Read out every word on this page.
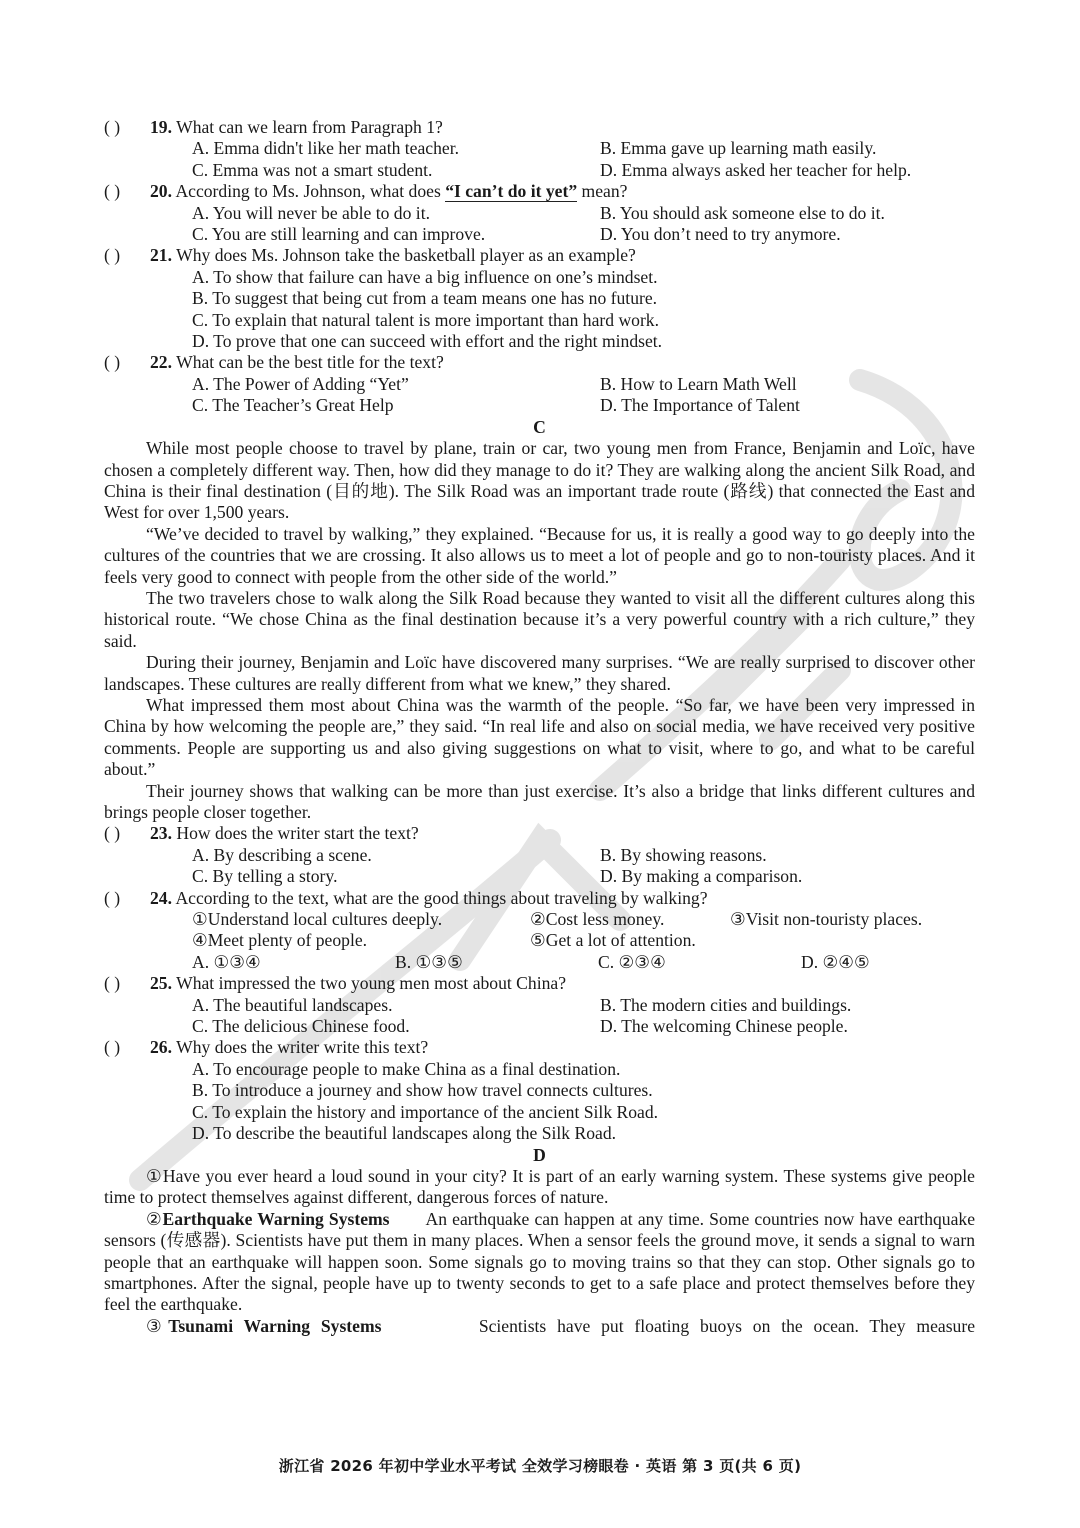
( )	19. What can we learn from Paragraph 1?
A. Emma didn't like her math teacher.	B. Emma gave up learning math easily.
C. Emma was not a smart student.	D. Emma always asked her teacher for help.
( )	20. According to Ms. Johnson, what does “I can’t do it yet” mean?
A. You will never be able to do it.	B. You should ask someone else to do it.
C. You are still learning and can improve.	D. You don’t need to try anymore.
( )	21. Why does Ms. Johnson take the basketball player as an example?
A. To show that failure can have a big influence on one’s mindset.
B. To suggest that being cut from a team means one has no future.
C. To explain that natural talent is more important than hard work.
D. To prove that one can succeed with effort and the right mindset.
( )	22. What can be the best title for the text?
A. The Power of Adding “Yet”	B. How to Learn Math Well
C. The Teacher’s Great Help	D. The Importance of Talent
C
While most people choose to travel by plane, train or car, two young men from France, Benjamin and Loïc, have chosen a completely different way. Then, how did they manage to do it? They are walking along the ancient Silk Road, and China is their final destination (目的地). The Silk Road was an important trade route (路线) that connected the East and West for over 1,500 years.
“We’ve decided to travel by walking,” they explained. “Because for us, it is really a good way to go deeply into the cultures of the countries that we are crossing. It also allows us to meet a lot of people and go to non-touristy places. And it feels very good to connect with people from the other side of the world.”
The two travelers chose to walk along the Silk Road because they wanted to visit all the different cultures along this historical route. “We chose China as the final destination because it’s a very powerful country with a rich culture,” they said.
During their journey, Benjamin and Loïc have discovered many surprises. “We are really surprised to discover other landscapes. These cultures are really different from what we knew,” they shared.
What impressed them most about China was the warmth of the people. “So far, we have been very impressed in China by how welcoming the people are,” they said. “In real life and also on social media, we have received very positive comments. People are supporting us and also giving suggestions on what to visit, where to go, and what to be careful about.”
Their journey shows that walking can be more than just exercise. It’s also a bridge that links different cultures and brings people closer together.
( )	23. How does the writer start the text?
A. By describing a scene.	B. By showing reasons.
C. By telling a story.	D. By making a comparison.
( )	24. According to the text, what are the good things about traveling by walking?
①Understand local cultures deeply.	②Cost less money.	③Visit non-touristy places.
④Meet plenty of people.	⑤Get a lot of attention.
A. ①③④	B. ①③⑤	C. ②③④	D. ②④⑤
( )	25. What impressed the two young men most about China?
A. The beautiful landscapes.	B. The modern cities and buildings.
C. The delicious Chinese food.	D. The welcoming Chinese people.
( )	26. Why does the writer write this text?
A. To encourage people to make China as a final destination.
B. To introduce a journey and show how travel connects cultures.
C. To explain the history and importance of the ancient Silk Road.
D. To describe the beautiful landscapes along the Silk Road.
D
①Have you ever heard a loud sound in your city? It is part of an early warning system. These systems give people time to protect themselves against different, dangerous forces of nature.
②Earthquake Warning Systems An earthquake can happen at any time. Some countries now have earthquake sensors (传感器). Scientists have put them in many places. When a sensor feels the ground move, it sends a signal to warn people that an earthquake will happen soon. Some signals go to moving trains so that they can stop. Other signals go to smartphones. After the signal, people have up to twenty seconds to get to a safe place and protect themselves before they feel the earthquake.
③Tsunami Warning Systems	Scientists have put floating buoys on the ocean. They measure
浙江省 2026 年初中学业水平考试 全效学习榜眼卷 · 英语 第 3 页(共 6 页)
